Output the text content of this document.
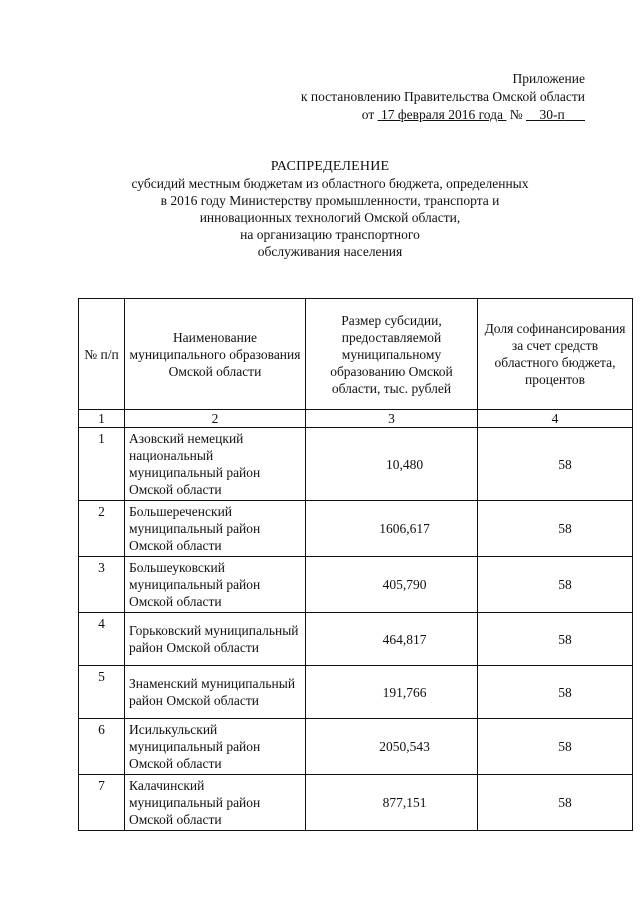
Приложение
к постановлению Правительства Омской области
от 17 февраля 2016 года № 30-п
РАСПРЕДЕЛЕНИЕ
субсидий местным бюджетам из областного бюджета, определенных
в 2016 году Министерству промышленности, транспорта и
инновационных технологий Омской области,
на организацию транспортного
обслуживания населения
№ п/п	Наименование муниципального образования Омской области	Размер субсидии, предоставляемой муниципальному образованию Омской области, тыс. рублей	Доля софинансирования за счет средств областного бюджета, процентов
1	2	3	4
1	Азовский немецкий национальный муниципальный район Омской области	10,480	58
2	Большереченский муниципальный район Омской области	1606,617	58
3	Большеуковский муниципальный район Омской области	405,790	58
4	Горьковский муниципальный район Омской области	464,817	58
5	Знаменский муниципальный район Омской области	191,766	58
6	Исилькульский муниципальный район Омской области	2050,543	58
7	Калачинский муниципальный район Омской области	877,151	58
